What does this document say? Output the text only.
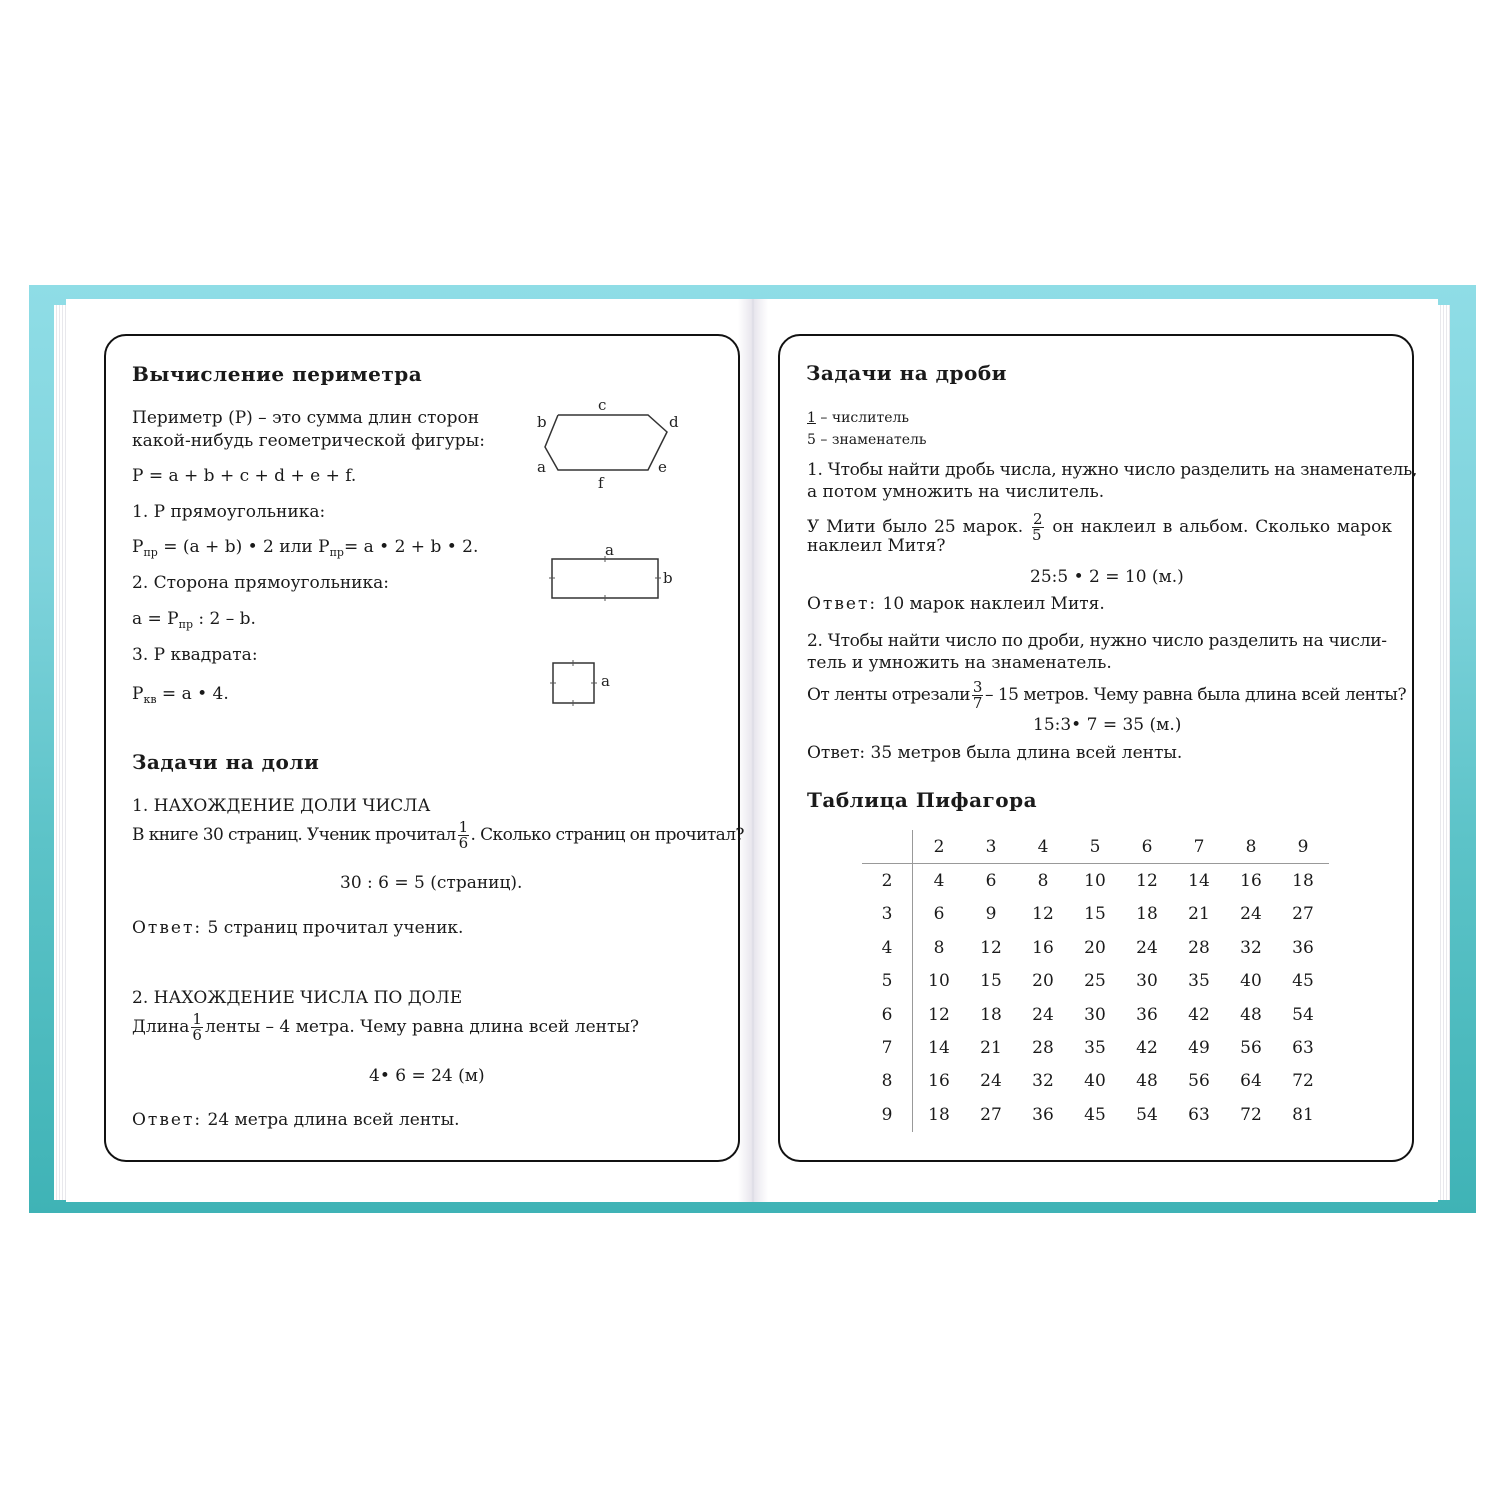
Вычисление периметра
Периметр (Р) – это сумма длин сторон
какой-нибудь геометрической фигуры:
Р = a + b + c + d + e + f.
1. Р прямоугольника:
$Р_{пр} = (a + b)$ • 2 или $Р_{пр}= a$ • 2 + b • 2.
2. Сторона прямоугольника:
$a = Р_{пр}$ : 2 – b.
3. Р квадрата:
$Р_{кв} = a$ • 4.
c
b	d
a	e
f
a
b
a
Задачи на доли
1. НАХОЖДЕНИЕ ДОЛИ ЧИСЛА
В книге 30 страниц. Ученик прочитал $\frac{1}{6}$ . Сколько страниц он прочитал?
30 : 6 = 5 (страниц).
Ответ: 5 страниц прочитал ученик.
2. НАХОЖДЕНИЕ ЧИСЛА ПО ДОЛЕ
Длина $\frac{1}{6}$ ленты – 4 метра. Чему равна длина всей ленты?
4• 6 = 24 (м)
Ответ: 24 метра длина всей ленты.
Задачи на дроби
1 – числитель
5 – знаменатель
1. Чтобы найти дробь числа, нужно число разделить на знаменатель,
а потом умножить на числитель.
У Мити было 25 марок. $\frac{2}{5}$ он наклеил в альбом. Сколько марок
наклеил Митя?
25:5 • 2 = 10 (м.)
Ответ: 10 марок наклеил Митя.
2. Чтобы найти число по дроби, нужно число разделить на числи-
тель и умножить на знаменатель.
От ленты отрезали $\frac{3}{7} - 15$ метров. Чему равна была длина всей ленты?
15:3• 7 = 35 (м.)
Ответ: 35 метров была длина всей ленты.
Таблица Пифагора
	2	3	4	5	6	7	8	9
2	4	6	8	10	12	14	16	18
3	6	9	12	15	18	21	24	27
4	8	12	16	20	24	28	32	36
5	10	15	20	25	30	35	40	45
6	12	18	24	30	36	42	48	54
7	14	21	28	35	42	49	56	63
8	16	24	32	40	48	56	64	72
9	18	27	36	45	54	63	72	81
